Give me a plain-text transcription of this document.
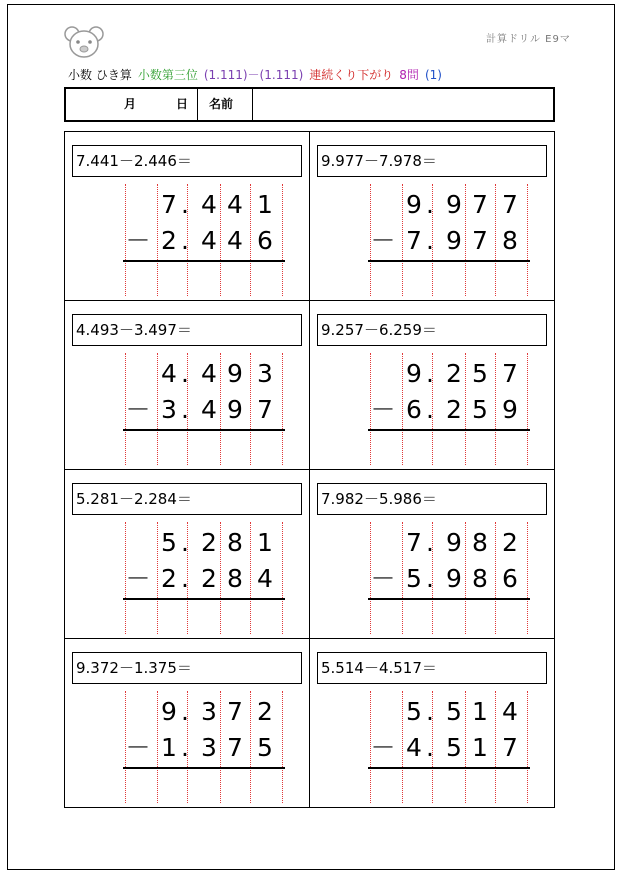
計算ドリル E9マ
小数 ひき算 小数第三位 (1.111)－(1.111) 連続くり下がり 8問 (1)
月	日 名前
7.441－2.446＝
7 4 4 1
.
2 4 4 6
.
－
9.977－7.978＝
9 9 7 7
.
7 9 7 8
.
－
4.493－3.497＝
4 4 9 3
.
3 4 9 7
.
－
9.257－6.259＝
9 2 5 7
.
6 2 5 9
.
－
5.281－2.284＝
5 2 8 1
.
2 2 8 4
.
－
7.982－5.986＝
7 9 8 2
.
5 9 8 6
.
－
9.372－1.375＝
9 3 7 2
.
1 3 7 5
.
－
5.514－4.517＝
5 5 1 4
.
4 5 1 7
.
－
